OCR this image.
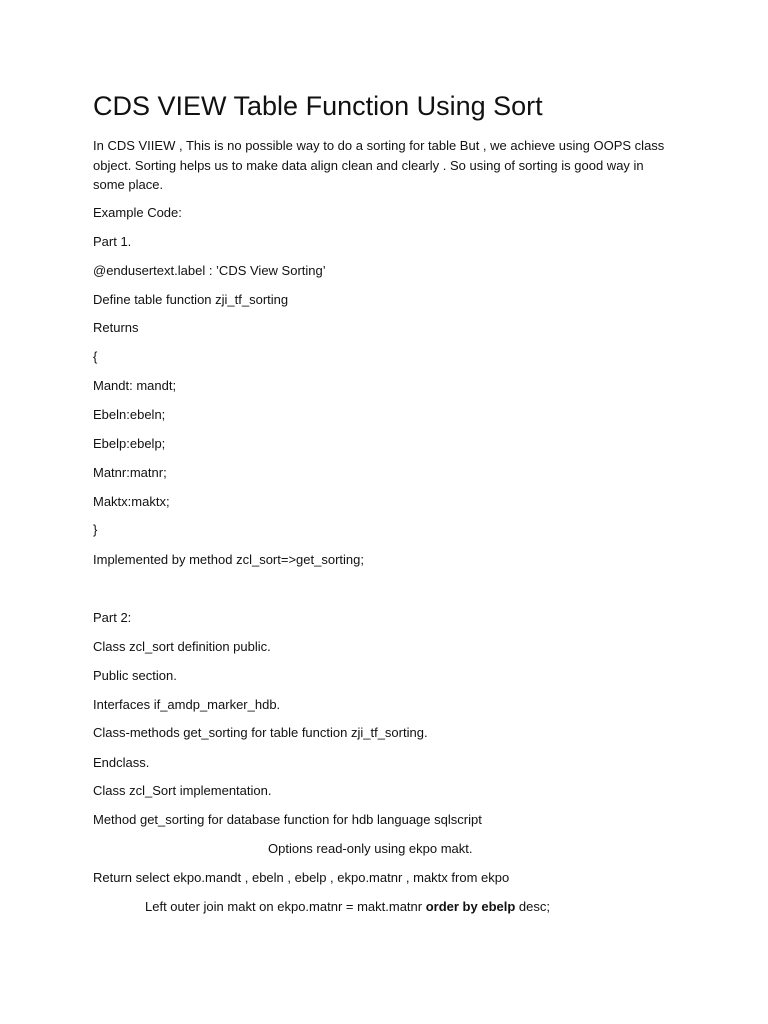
CDS VIEW Table Function Using Sort

In CDS VIIEW , This is no possible way to do a sorting for table But , we achieve using OOPS class object. Sorting helps us to make data align clean and clearly . So using of sorting is good way in some place.

Example Code:

Part 1.

@endusertext.label : ’CDS View Sorting’

Define table function zji_tf_sorting

Returns

{

Mandt: mandt;

Ebeln:ebeln;

Ebelp:ebelp;

Matnr:matnr;

Maktx:maktx;

}

Implemented by method zcl_sort=>get_sorting;

Part 2:

Class zcl_sort definition public.

Public section.

Interfaces if_amdp_marker_hdb.

Class-methods get_sorting for table function zji_tf_sorting.

Endclass.

Class zcl_Sort implementation.

Method get_sorting for database function for hdb language sqlscript

Options read-only using ekpo makt.

Return select ekpo.mandt , ebeln , ebelp , ekpo.matnr , maktx from ekpo

Left outer join makt on ekpo.matnr = makt.matnr order by ebelp desc;
